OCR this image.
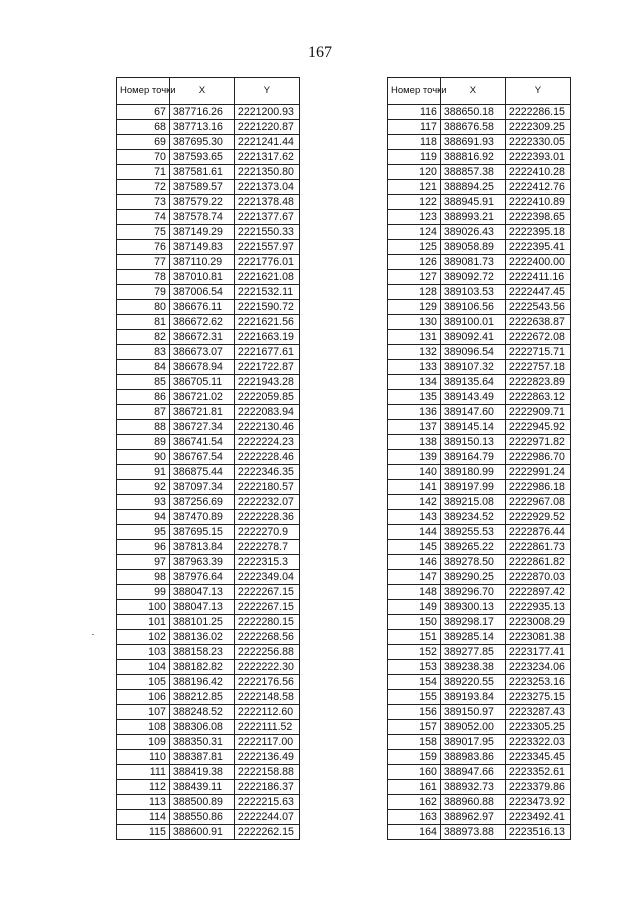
167
Номер точки	X	Y
67	387716.26	2221200.93
68	387713.16	2221220.87
69	387695.30	2221241.44
70	387593.65	2221317.62
71	387581.61	2221350.80
72	387589.57	2221373.04
73	387579.22	2221378.48
74	387578.74	2221377.67
75	387149.29	2221550.33
76	387149.83	2221557.97
77	387110.29	2221776.01
78	387010.81	2221621.08
79	387006.54	2221532.11
80	386676.11	2221590.72
81	386672.62	2221621.56
82	386672.31	2221663.19
83	386673.07	2221677.61
84	386678.94	2221722.87
85	386705.11	2221943.28
86	386721.02	2222059.85
87	386721.81	2222083.94
88	386727.34	2222130.46
89	386741.54	2222224.23
90	386767.54	2222228.46
91	386875.44	2222346.35
92	387097.34	2222180.57
93	387256.69	2222232.07
94	387470.89	2222228.36
95	387695.15	2222270.9
96	387813.84	2222278.7
97	387963.39	2222315.3
98	387976.64	2222349.04
99	388047.13	2222267.15
100	388047.13	2222267.15
101	388101.25	2222280.15
102	388136.02	2222268.56
103	388158.23	2222256.88
104	388182.82	2222222.30
105	388196.42	2222176.56
106	388212.85	2222148.58
107	388248.52	2222112.60
108	388306.08	2222111.52
109	388350.31	2222117.00
110	388387.81	2222136.49
111	388419.38	2222158.88
112	388439.11	2222186.37
113	388500.89	2222215.63
114	388550.86	2222244.07
115	388600.91	2222262.15
Номер точки	X	Y
116	388650.18	2222286.15
117	388676.58	2222309.25
118	388691.93	2222330.05
119	388816.92	2222393.01
120	388857.38	2222410.28
121	388894.25	2222412.76
122	388945.91	2222410.89
123	388993.21	2222398.65
124	389026.43	2222395.18
125	389058.89	2222395.41
126	389081.73	2222400.00
127	389092.72	2222411.16
128	389103.53	2222447.45
129	389106.56	2222543.56
130	389100.01	2222638.87
131	389092.41	2222672.08
132	389096.54	2222715.71
133	389107.32	2222757.18
134	389135.64	2222823.89
135	389143.49	2222863.12
136	389147.60	2222909.71
137	389145.14	2222945.92
138	389150.13	2222971.82
139	389164.79	2222986.70
140	389180.99	2222991.24
141	389197.99	2222986.18
142	389215.08	2222967.08
143	389234.52	2222929.52
144	389255.53	2222876.44
145	389265.22	2222861.73
146	389278.50	2222861.82
147	389290.25	2222870.03
148	389296.70	2222897.42
149	389300.13	2222935.13
150	389298.17	2223008.29
151	389285.14	2223081.38
152	389277.85	2223177.41
153	389238.38	2223234.06
154	389220.55	2223253.16
155	389193.84	2223275.15
156	389150.97	2223287.43
157	389052.00	2223305.25
158	389017.95	2223322.03
159	388983.86	2223345.45
160	388947.66	2223352.61
161	388932.73	2223379.86
162	388960.88	2223473.92
163	388962.97	2223492.41
164	388973.88	2223516.13
